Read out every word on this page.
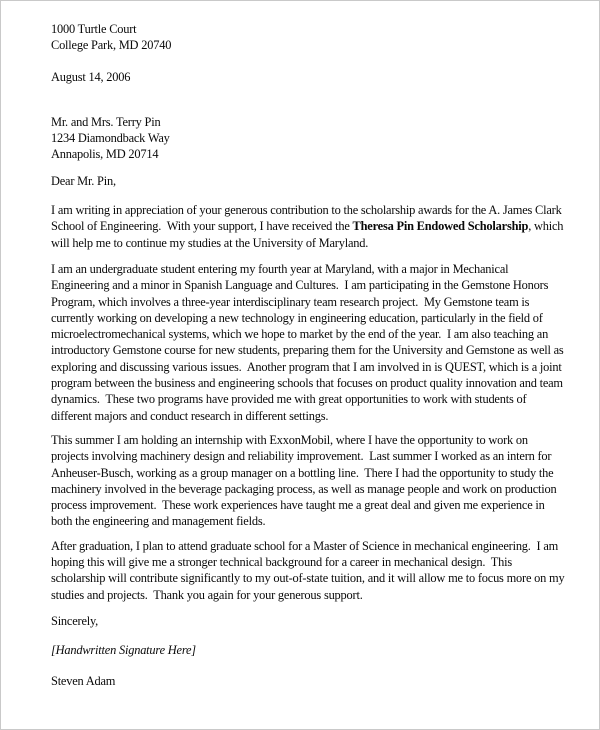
1000 Turtle Court
College Park, MD 20740
August 14, 2006
Mr. and Mrs. Terry Pin
1234 Diamondback Way
Annapolis, MD 20714
Dear Mr. Pin,

I am writing in appreciation of your generous contribution to the scholarship awards for the A. James Clark School of Engineering.  With your support, I have received the Theresa Pin Endowed Scholarship, which will help me to continue my studies at the University of Maryland.

I am an undergraduate student entering my fourth year at Maryland, with a major in Mechanical Engineering and a minor in Spanish Language and Cultures.  I am participating in the Gemstone Honors Program, which involves a three-year interdisciplinary team research project.  My Gemstone team is currently working on developing a new technology in engineering education, particularly in the field of microelectromechanical systems, which we hope to market by the end of the year.  I am also teaching an introductory Gemstone course for new students, preparing them for the University and Gemstone as well as exploring and discussing various issues.  Another program that I am involved in is QUEST, which is a joint program between the business and engineering schools that focuses on product quality innovation and team dynamics.  These two programs have provided me with great opportunities to work with students of different majors and conduct research in different settings.

This summer I am holding an internship with ExxonMobil, where I have the opportunity to work on projects involving machinery design and reliability improvement.  Last summer I worked as an intern for Anheuser-Busch, working as a group manager on a bottling line.  There I had the opportunity to study the machinery involved in the beverage packaging process, as well as manage people and work on production process improvement.  These work experiences have taught me a great deal and given me experience in both the engineering and management fields.

After graduation, I plan to attend graduate school for a Master of Science in mechanical engineering.  I am hoping this will give me a stronger technical background for a career in mechanical design.  This scholarship will contribute significantly to my out-of-state tuition, and it will allow me to focus more on my studies and projects.  Thank you again for your generous support.

Sincerely,
[Handwritten Signature Here]
Steven Adam
